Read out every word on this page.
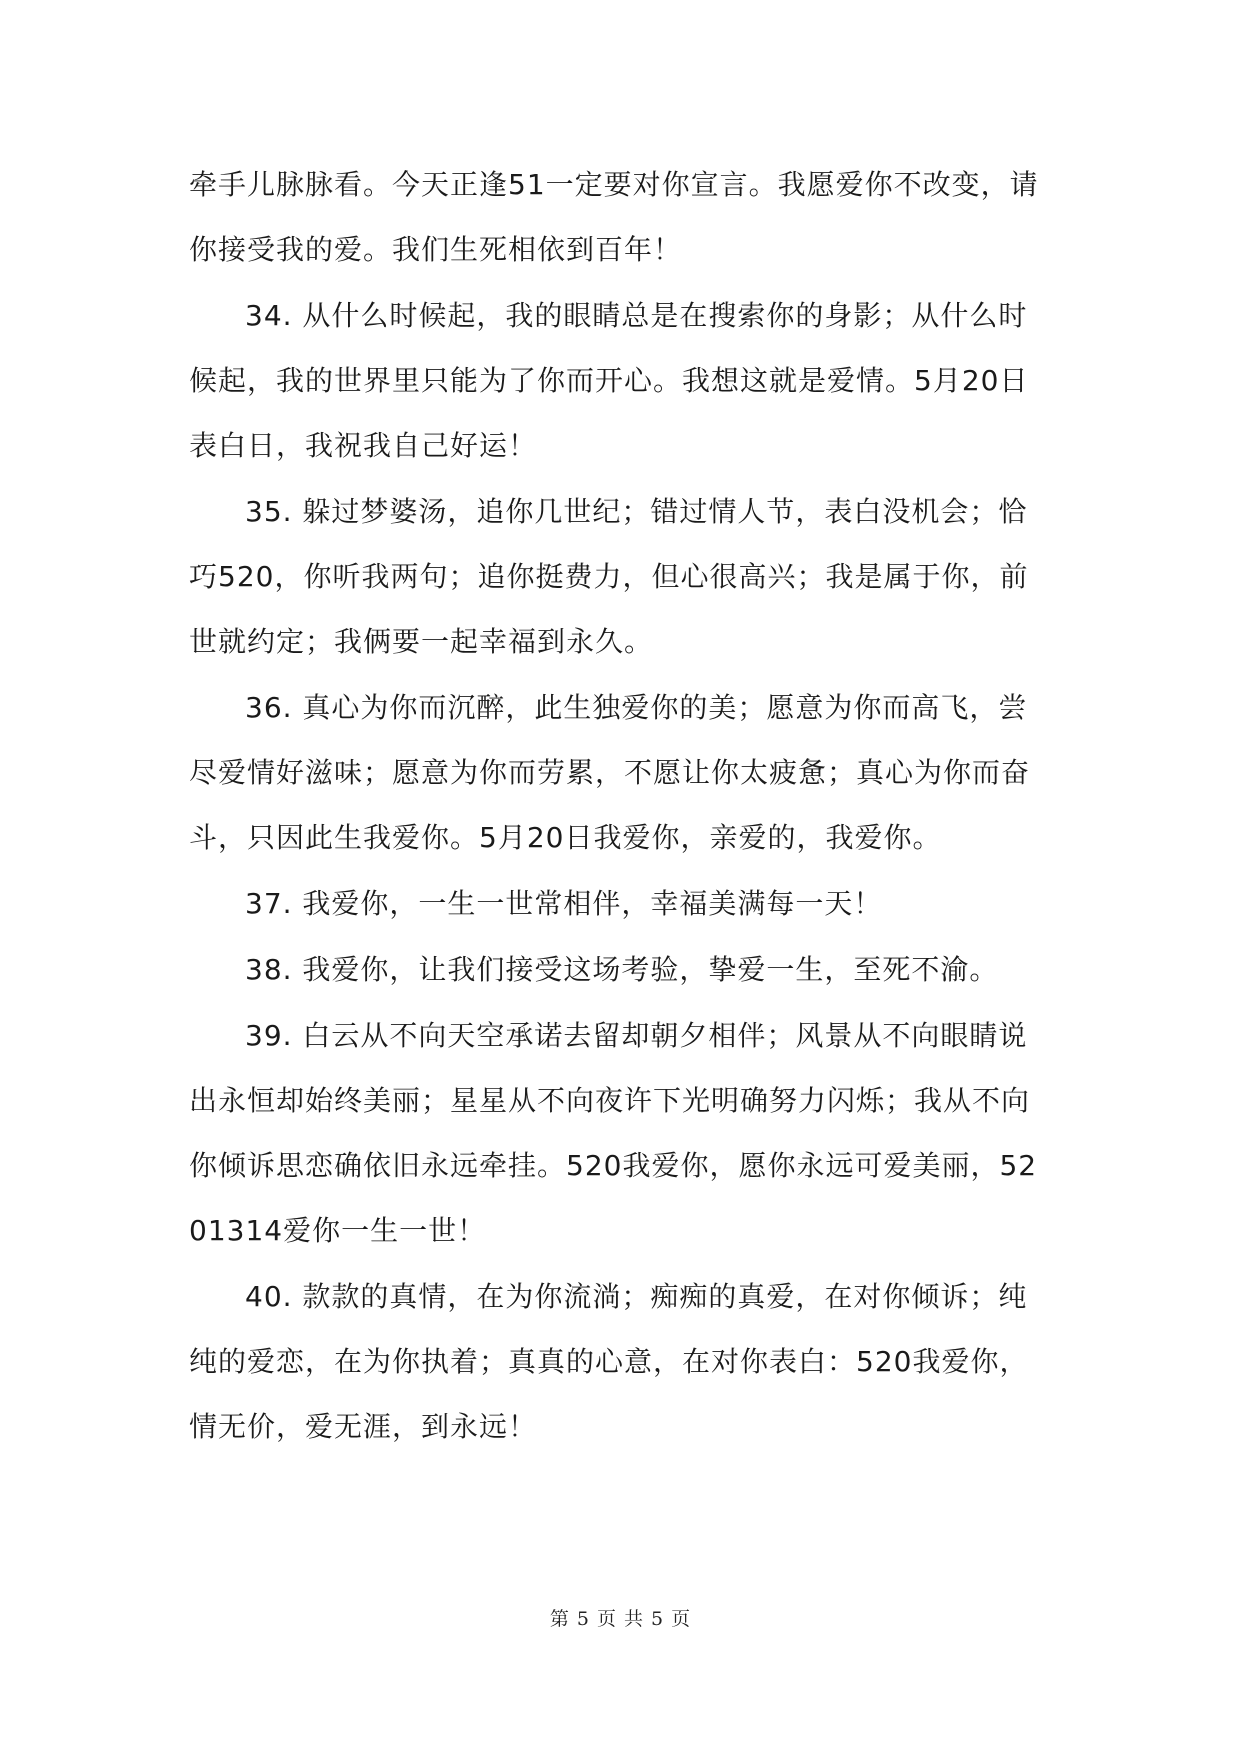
牵手儿脉脉看。今天正逢51一定要对你宣言。我愿爱你不改变，请你接受我的爱。我们生死相依到百年！

34. 从什么时候起，我的眼睛总是在搜索你的身影；从什么时候起，我的世界里只能为了你而开心。我想这就是爱情。5月20日表白日，我祝我自己好运！

35. 躲过梦婆汤，追你几世纪；错过情人节，表白没机会；恰巧520，你听我两句；追你挺费力，但心很高兴；我是属于你，前世就约定；我俩要一起幸福到永久。

36. 真心为你而沉醉，此生独爱你的美；愿意为你而高飞，尝尽爱情好滋味；愿意为你而劳累，不愿让你太疲惫；真心为你而奋斗，只因此生我爱你。5月20日我爱你，亲爱的，我爱你。

37. 我爱你，一生一世常相伴，幸福美满每一天！

38. 我爱你，让我们接受这场考验，挚爱一生，至死不渝。

39. 白云从不向天空承诺去留却朝夕相伴；风景从不向眼睛说出永恒却始终美丽；星星从不向夜许下光明确努力闪烁；我从不向你倾诉思恋确依旧永远牵挂。520我爱你，愿你永远可爱美丽，5201314爱你一生一世！

40. 款款的真情，在为你流淌；痴痴的真爱，在对你倾诉；纯纯的爱恋，在为你执着；真真的心意，在对你表白：520我爱你，情无价，爱无涯，到永远！

第 5 页 共 5 页
